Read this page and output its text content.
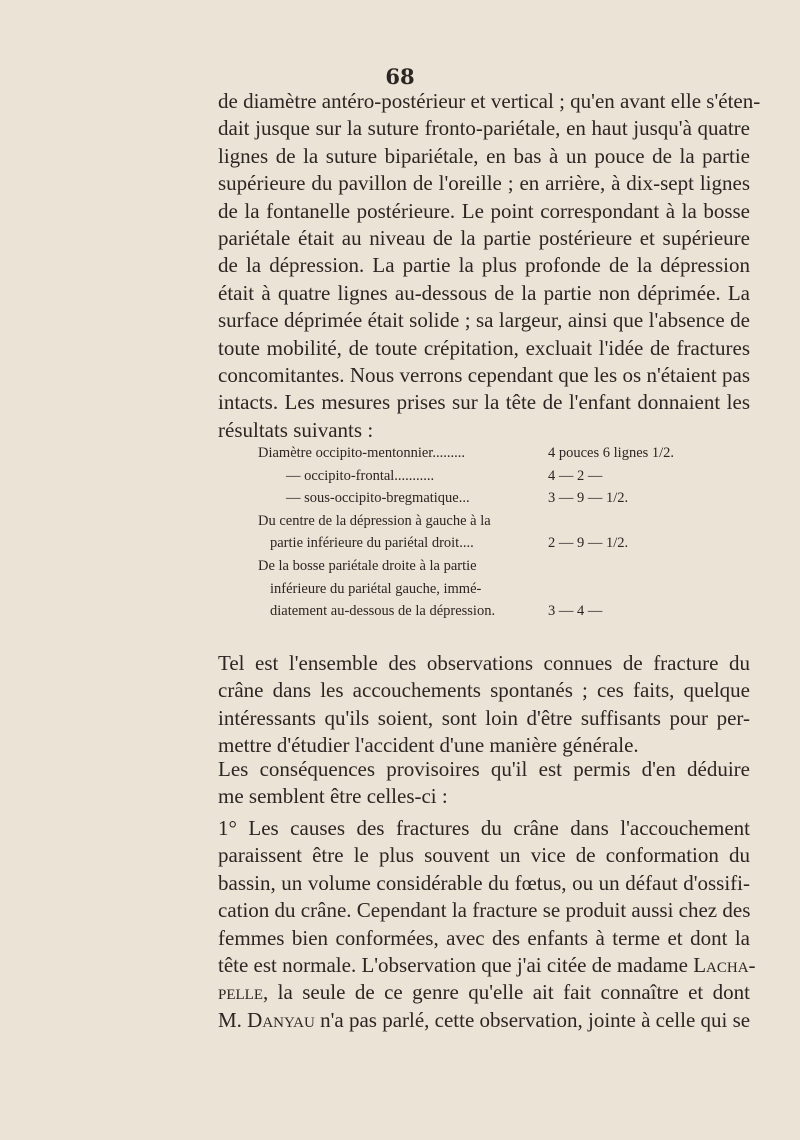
68
de diamètre antéro-postérieur et vertical ; qu'en avant elle s'éten-
dait jusque sur la suture fronto-pariétale, en haut jusqu'à quatre
lignes de la suture bipariétale, en bas à un pouce de la partie
supérieure du pavillon de l'oreille ; en arrière, à dix-sept lignes
de la fontanelle postérieure. Le point correspondant à la bosse
pariétale était au niveau de la partie postérieure et supérieure
de la dépression. La partie la plus profonde de la dépression
était à quatre lignes au-dessous de la partie non déprimée. La
surface déprimée était solide ; sa largeur, ainsi que l'absence de
toute mobilité, de toute crépitation, excluait l'idée de fractures
concomitantes. Nous verrons cependant que les os n'étaient pas
intacts. Les mesures prises sur la tête de l'enfant donnaient les
résultats suivants :
Diamètre occipito-mentonnier.........	4 pouces 6 lignes 1/2.
— occipito-frontal...........	4 — 2 —
— sous-occipito-bregmatique...	3 — 9 — 1/2.
Du centre de la dépression à gauche à la
partie inférieure du pariétal droit....	2 — 9 — 1/2.
De la bosse pariétale droite à la partie
inférieure du pariétal gauche, immé-
diatement au-dessous de la dépression.	3 — 4 —
Tel est l'ensemble des observations connues de fracture du
crâne dans les accouchements spontanés ; ces faits, quelque
intéressants qu'ils soient, sont loin d'être suffisants pour per-
mettre d'étudier l'accident d'une manière générale.
Les conséquences provisoires qu'il est permis d'en déduire
me semblent être celles-ci :
1° Les causes des fractures du crâne dans l'accouchement
paraissent être le plus souvent un vice de conformation du
bassin, un volume considérable du fœtus, ou un défaut d'ossifi-
cation du crâne. Cependant la fracture se produit aussi chez des
femmes bien conformées, avec des enfants à terme et dont la
tête est normale. L'observation que j'ai citée de madame Lacha-
pelle, la seule de ce genre qu'elle ait fait connaître et dont
M. Danyau n'a pas parlé, cette observation, jointe à celle qui se
